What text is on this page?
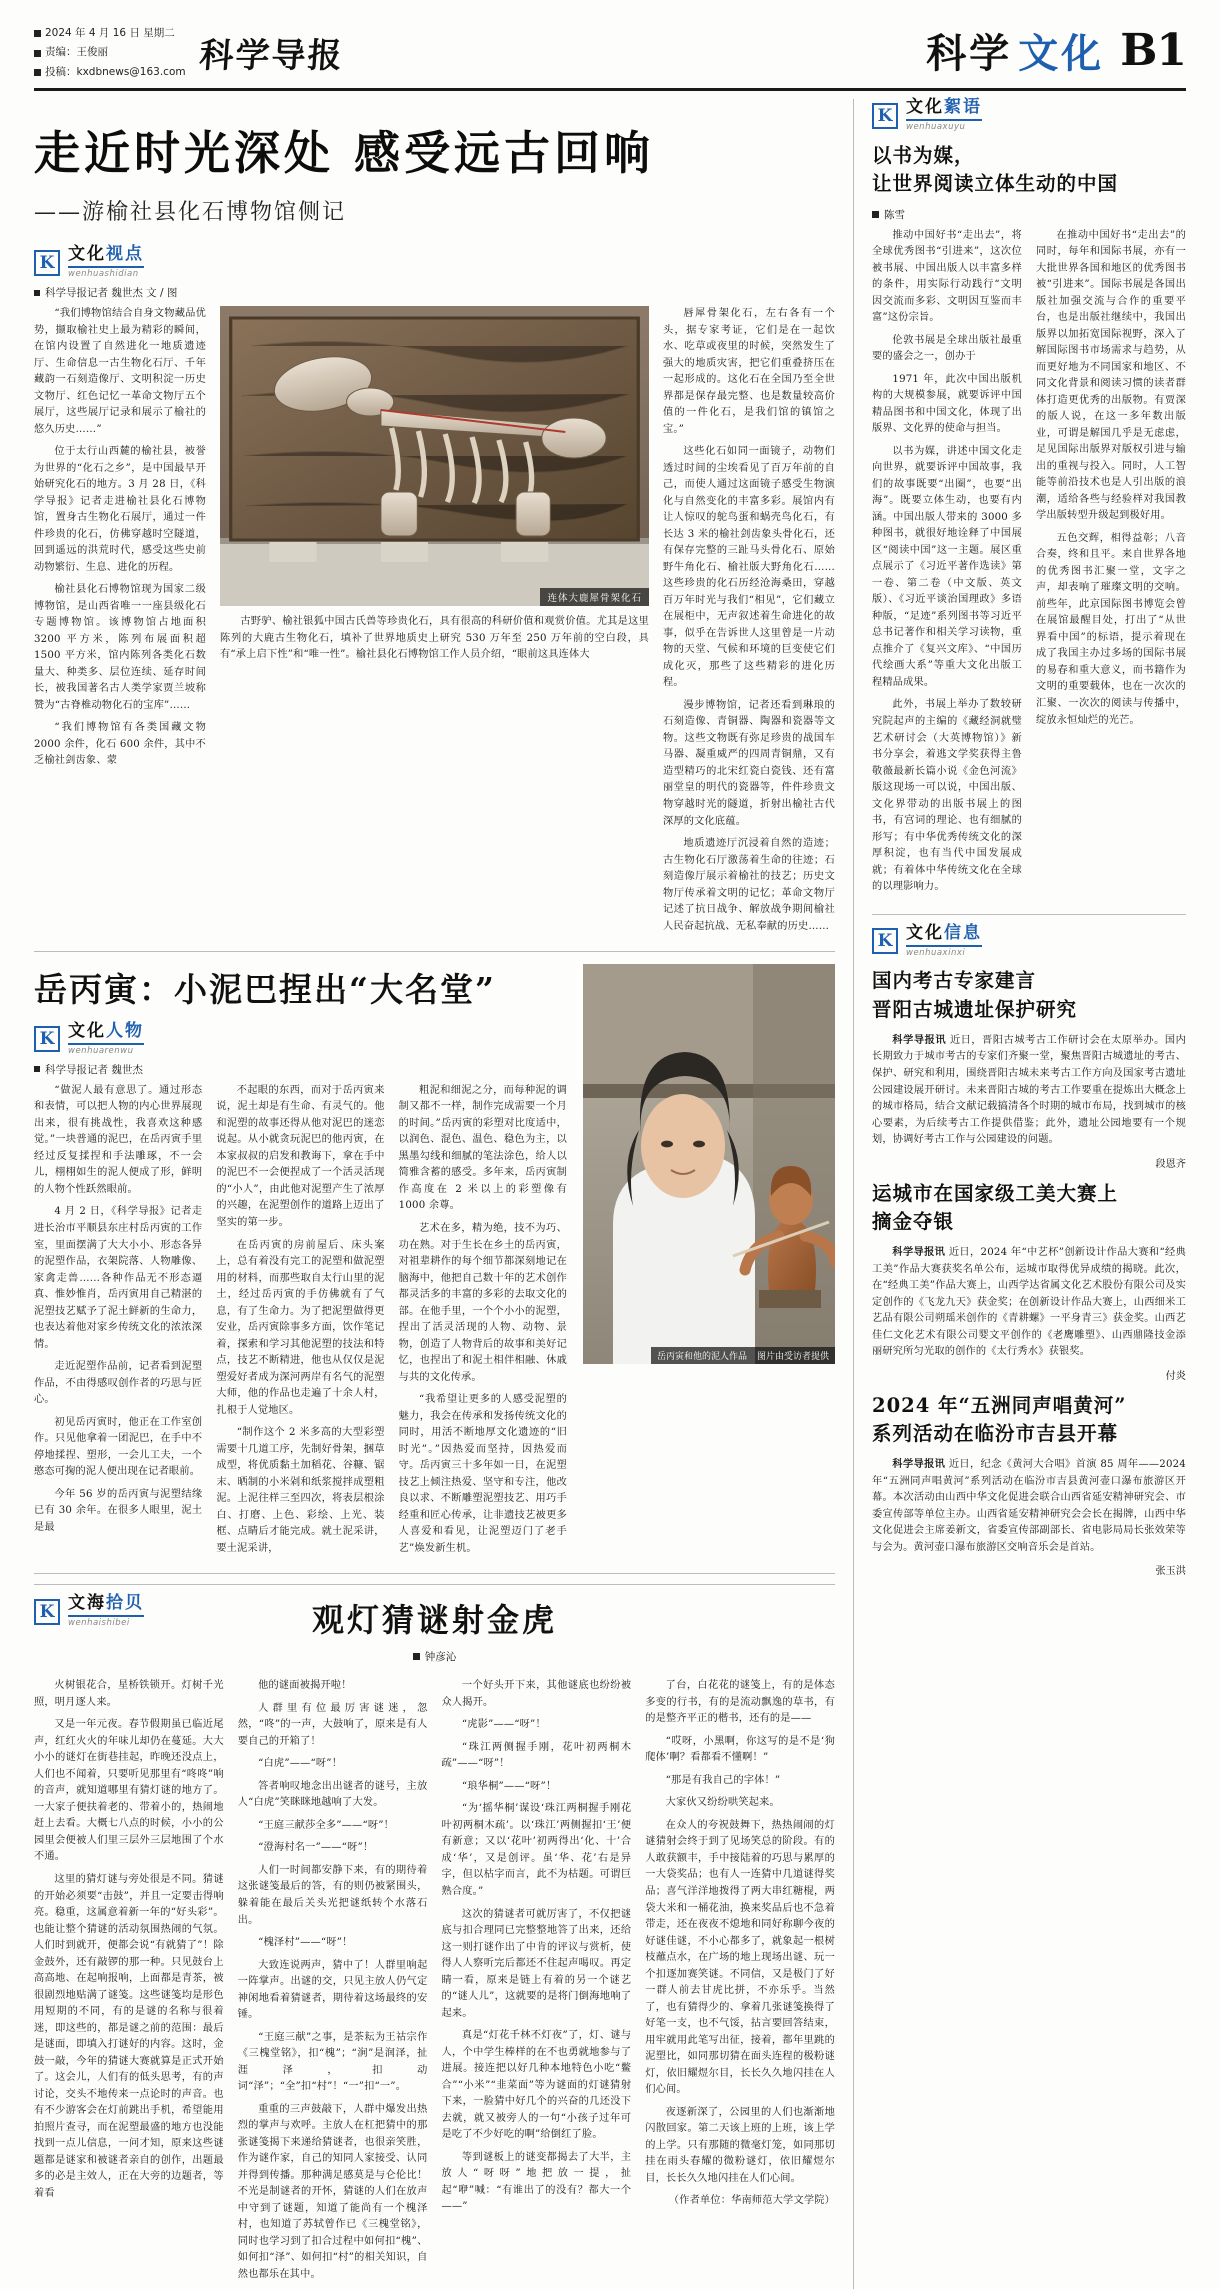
2024 年 4 月 16 日 星期二
责编：王俊丽
投稿：kxdbnews@163.com 科学导报	科学 文化 B1
走近时光深处 感受远古回响
——游榆社县化石博物馆侧记
K 文化视点
wenhuashidian
科学导报记者 魏世杰 文 / 图

“我们博物馆结合自身文物藏品优势，撷取榆社史上最为精彩的瞬间，在馆内设置了自然进化一地质遗迹厅、生命信息一古生物化石厅、千年藏韵一石刻造像厅、文明积淀一历史文物厅、红色记忆一革命文物厅五个展厅，这些展厅记录和展示了榆社的悠久历史……”

位于太行山西麓的榆社县，被誉为世界的“化石之乡”，是中国最早开始研究化石的地方。3 月 28 日，《科学导报》记者走进榆社县化石博物馆，置身古生物化石展厅，通过一件件珍贵的化石，仿佛穿越时空隧道，回到遥远的洪荒时代，感受这些史前动物繁衍、生息、进化的历程。

榆社县化石博物馆现为国家二级博物馆，是山西省唯一一座县级化石专题博物馆。该博物馆占地面积 3200 平方米，陈列布展面积超 1500 平方米，馆内陈列各类化石数量大、种类多、层位连续、延存时间长，被我国著名古人类学家贾兰坡称赞为“古脊椎动物化石的宝库”……

“我们博物馆有各类国藏文物 2000 余件，化石 600 余件，其中不乏榆社剑齿象、蒙

连体大鹿犀骨架化石

古野驴、榆社银狐中国古氏兽等珍贵化石，具有很高的科研价值和观赏价值。尤其是这里陈列的大鹿古生物化石，填补了世界地质史上研究 530 万年至 250 万年前的空白段，具有“承上启下性”和“唯一性”。榆社县化石博物馆工作人员介绍，“眼前这具连体大

唇犀骨架化石，左右各有一个头，据专家考证，它们是在一起饮水、吃草或夜里的时候，突然发生了强大的地质灾害，把它们重叠挤压在一起形成的。这化石在全国乃至全世界都是保存最完整、也是数量较高价值的一件化石，是我们馆的镇馆之宝。”

这些化石如同一面镜子，动物们透过时间的尘埃看见了百万年前的自己，而使人通过这面镜子感受生物演化与自然变化的丰富多彩。展馆内有让人惊叹的鸵鸟蛋和蜗壳鸟化石，有长达 3 米的榆社剑齿象头骨化石，还有保存完整的三趾马头骨化石、原始野牛角化石、榆社版大野角化石……这些珍贵的化石历经沧海桑田，穿越百万年时光与我们“相见”，它们藏立在展柜中，无声叙述着生命进化的故事，似乎在告诉世人这里曾是一片动物的天堂、气候和环境的巨变使它们成化灭，那些了这些精彩的进化历程。

漫步博物馆，记者还看到琳琅的石刻造像、青铜器、陶器和瓷器等文物。这些文物既有弥足珍贵的战国车马器、凝重威严的四周青铜鼎，又有造型精巧的北宋红瓷白瓷钱、还有富丽堂皇的明代的瓷器等，件件珍贵文物穿越时光的隧道，折射出榆社古代深厚的文化底蕴。

地质遗迹厅沉浸着自然的造迹；古生物化石厅激荡着生命的往迹；石刻造像厅展示着榆社的技艺；历史文物厅传承着文明的记忆；革命文物厅记述了抗日战争、解放战争期间榆社人民奋起抗战、无私奉献的历史……

岳丙寅：小泥巴捏出“大名堂”
K 文化人物
wenhuarenwu
科学导报记者 魏世杰

“做泥人最有意思了。通过形态和表情，可以把人物的内心世界展现出来，很有挑战性，我喜欢这种感觉。”一块普通的泥巴，在岳丙寅手里经过反复揉捏和手法雕琢，不一会儿，栩栩如生的泥人便成了形，鲜明的人物个性跃然眼前。

4 月 2 日，《科学导报》记者走进长治市平顺县东庄村岳丙寅的工作室，里面摆满了大大小小、形态各异的泥塑作品，衣架院落、人物雕像、家禽走兽……各种作品无不形态逼真、惟妙惟肖，岳丙寅用自己精湛的泥塑技艺赋予了泥土鲜新的生命力，也表达着他对家乡传统文化的浓浓深情。

走近泥塑作品前，记者看到泥塑作品，不由得感叹创作者的巧思与匠心。

初见岳丙寅时，他正在工作室创作。只见他拿着一团泥巴，在手中不停地揉捏、塑形，一会儿工夫，一个憨态可掬的泥人便出现在记者眼前。

今年 56 岁的岳丙寅与泥塑结缘已有 30 余年。在很多人眼里，泥土是最

不起眼的东西，而对于岳丙寅来说，泥土却是有生命、有灵气的。他和泥塑的故事还得从他对泥巴的迷恋说起。从小就贪玩泥巴的他丙寅，在本家叔叔的启发和教诲下，拿在手中的泥巴不一会便捏成了一个活灵活现的“小人”，由此他对泥塑产生了浓厚的兴趣，在泥塑创作的道路上迈出了坚实的第一步。

在岳丙寅的房前屋后、床头案上，总有着没有完工的泥塑和做泥塑用的材料，而那些取自太行山里的泥土，经过岳丙寅的手仿佛就有了气息，有了生命力。为了把泥塑做得更安业，岳丙寅除事多方面，饮作笔记着，探索和学习其他泥塑的技法和特点，技艺不断精进，他也从仅仅是泥塑爱好者成为深河两岸有名气的泥塑大师，他的作品也走遍了十余人村，扎根于人觉地区。

“制作这个 2 米多高的大型彩塑需要十几道工序，先制好骨架，捆草成型，将优质黏土加稻花、谷糠、锯末、晒制的小米剁和纸浆搅拌成塑粗泥。上泥往样三至四次，将表层根涂白、打磨、上色、彩绘、上光、装框、点睛后才能完成。就土泥采讲，要土泥采讲，

粗泥和细泥之分，而每种泥的调制又都不一样，制作完成需要一个月的时间。”岳丙寅的彩塑对比度适中，以润色、混色、温色、稳色为主，以黑墨勾线和细腻的笔法涂色，给人以简雅含蓄的感受。多年来，岳丙寅制作高度在 2 米以上的彩塑像有 1000 余尊。

艺术在多，精为绝，技不为巧、功在熟。对于生长在乡土的岳丙寅，对祖辈耕作的每个细节都深刻地记在脑海中，他把自己数十年的艺术创作都灵活多的丰富的多彩的去取文化的部。在他手里，一个个小小的泥塑，捏出了活灵活现的人物、动物、景物，创造了人物背后的故事和美好记忆，也捏出了和泥土相伴相融、休戚与共的文化传承。

“我希望让更多的人感受泥塑的魅力，我会在传承和发扬传统文化的同时，用活不断地厚文化遗迹的“旧时光”。”因热爱而坚持，因热爱而守。岳丙寅三十多年如一日，在泥塑技艺上倾注热爱、坚守和专注，他改良以求、不断雕塑泥塑技艺、用巧手经重和匠心传承，让非遗技艺被更多人喜爱和看见，让泥塑迈门了老手艺”焕发新生机。

岳丙寅和他的泥人作品 图片由受访者提供
K 文海拾贝
wenhaishibei	观灯猜谜射金虎
钟彦沁

火树银花合，星桥铁锁开。灯树千光照，明月逐人来。

又是一年元夜。春节假期虽已临近尾声，红红火火的年味儿却仍在蔓延。大大小小的谜灯在街巷挂起，昨晚还没点上，人们也不闻着，只要听见那里有“咚咚”响的音声，就知道哪里有猜灯谜的地方了。一大家子便扶着老的、带着小的，热闹地赶上去看。大概七八点的时候，小小的公园里会便被人们里三层外三层地围了个水不通。

这里的猜灯谜与旁处很是不同。猜谜的开始必须要“击鼓”，并且一定要击得响亮。稳重，这属意着新一年的“好头彩”。也能让整个猜谜的活动氛围热闹的气氛。人们时到就开，便都会说“有就猜了”！除金鼓外，还有敲锣的那一种。只见鼓台上高高地、在起响报响，上面都是青茶，被很剧烈地贴满了谜笺。这些谜笺均是形色用短期的不同，有的是谜的名称与很着迷，即这些的，都是谜之前的范围：最后是谜面，即填入打谜好的内容。这时，金鼓一敲，今年的猜谜大赛就算是正式开始了。这会儿，人们有的低头思考，有的声讨论，交头不地传来一点论时的声音。也有不少游客会在灯前跳出手机，希望能用拍照片查寻，而在泥塑最盛的地方也没能找到一点儿信息，一问才知，原来这些谜题都是谜家和被谜者亲自的创作，出题最多的必是主效人，正在大旁的边题者，等着看

他的谜面被揭开啦！

人群里有位最厉害谜迷，忽然，“咚”的一声，大鼓响了，原来是有人要自己的开箱了！

“白虎”——“呀”！

答者响叹地念出出谜者的谜号，主放人“白虎”笑眯眯地越响了大发。

“王庭三献莎全多”——“呀”！

“澄海村名一”——“呀”！

人们一时间都安静下来，有的期待着这张谜笺最后的答，有的则仍被紧围头，躲着能在最后关头光把谜纸转个水落石出。

“槐泽村”——“呀”！

大致连说两声，猜中了！人群里响起一阵掌声。出谜的交，只见主放人仍气定神闲地看着猜谜者，期待着这场最终的安锤。

“王庭三献”之事，是茶耘为王祜宗作《三槐堂铭》，扣“槐”；“涧”是润泽，扯涯泽，扣动词“泽”；“全”扣“村”！“一”扣“一”。

重重的三声鼓敲下，人群中爆发出热烈的掌声与欢呼。主放人在杠把猜中的那张谜笺揭下来递给猜谜者，也很亲笑胜，作为谜作家，自己的知同人家接受、认同并得到传播。那种满足感莫是与仑伦比！不光是制谜者的开怀，猜谜的人们在放声中守到了谜题，知道了能尚有一个槐泽村，也知道了苏轼曾作已《三槐堂铭》，同时也学习到了扣合过程中如何扣“槐”、如何扣“泽”、如何扣“村”的相关知识，自然也都乐在其中。

一个好头开下来，其他谜底也纷纷被众人揭开。

“虎影”——“呀”！

“珠江两侧握手刚，花叶初两桐木疏”——“呀”！

“琅华桐”——“呀”！

“为‘摇华桐’谋设‘珠江两桐握手刚花叶初两桐木疏’。以‘珠江’两侧握扣‘王’便有新意；又以‘花叶’初两得出‘化、十’合成‘华’，又是创评。虽‘华、花’右是异字，但以枯字而言，此不为枯题。可谓巨熟合度。”

这次的猜谜者可就厉害了，不仅把谜底与扣合理同已完整整地答了出来，还给这一则打谜作出了中肯的评议与赏析，使得人人察听完后都还不住起声喝叹。再定睛一看，原来是链上有着的另一个谜艺的“谜人儿”，这就要的是将门倒海地响了起来。

真是“灯花千林不灯夜”了，灯、谜与人，个中学生棒样的在不也勇就地参与了进展。接连把以好几种本地特色小吃“鳖合”“小米”“韭菜面”等为谜面的灯谜猜射下来，一脸猜中好几个的兴奋的几还没下去就，就又被旁人的一句“小孩子过年可是吃了不少好吃的啊”给倒红了脸。

等到谜板上的谜变都揭去了大半，主放人“呀呀”地把放一提，扯起“咿”喊：“有谁出了的没有？都大一个——”

了台，白花花的谜笺上，有的是体态多变的行书，有的是流动飘逸的草书，有的是整齐平正的楷书，还有的是——

“哎呀，小黑啊，你这写的是不是‘狗爬体’啊？看都看不懂啊！”

“那是有我自己的字体！”

大家伙又纷纷哄笑起来。

在众人的夸祝鼓舞下，热热闹闹的灯谜猜射会终于到了见场笑总的阶段。有的人敢获额丰，手中接陆着的巧思与累厚的一大袋奖品；也有人一连猜中几道谜得奖品；喜气洋洋地拨得了两大串红糖棍，两袋大米和一桶花油，换来奖品后也不急着带走，还在夜夜不熄地和同好称聊今夜的好谜佳谜，不小心都多了，就象起一根树枝蘸点水，在广场的地上现场出谜、玩一个扣逐加赛笑谜。不同信，又是极门了好一群人前去甘虎比拼，不亦乐乎。当然了，也有猜得少的、拿着几张谜笺换得了好笔一支，也不气馁，拈言要回答结束，用牢就用此笔写出征，接着，都年里跳的泥塑比，如同那切猜在面头连程的极粉谜灯，依旧耀煜尔目，长长久久地闪挂在人们心间。

夜逐新深了，公园里的人们也渐渐地闪散回家。第二天该上班的上班，该上学的上学。只有那随的微毫灯笼，如同那切挂在雨头春耀的微粉谜灯，依旧耀煜尔目，长长久久地闪挂在人们心间。

（作者单位：华南师范大学文学院）

K 文化絮语
wenhuaxuyu
以书为媒，
让世界阅读立体生动的中国
陈雪

推动中国好书“走出去”，将全球优秀图书“引进来”，这次位被书展、中国出版人以丰富多样的条件，用实际行动践行“文明因交流而多彩、文明因互鉴而丰富”这份宗旨。

伦敦书展是全球出版社最重要的盛会之一，创办于

1971 年，此次中国出版机构的大规模参展，就要诉评中国精品图书和中国文化，体现了出版界、文化界的使命与担当。

以书为媒，讲述中国文化走向世界，就要诉评中国故事，我们的故事既要“出圈”，也要“出海”。既要立体生动，也要有内涵。中国出版人带来的 3000 多种图书，就很好地诠释了中国展区“阅读中国”这一主题。展区重点展示了《习近平著作选读》第一卷、第二卷（中文版、英文版）、《习近平谈治国理政》多语种版，“足迹”系列图书等习近平总书记著作和相关学习读物，重点推介了《复兴文库》、“中国历代绘画大系”等重大文化出版工程精品成果。

此外，书展上举办了数较研究院起声的主编的《藏经洞就璧艺术研讨会（大英博物馆）》新书分享会，着逃文学奖获得主鲁敬薇最新长篇小说《金色河流》版这现场一可以说，中国出版、文化界带动的出版书展上的图书，有宫词的理论、也有细腻的形写；有中华优秀传统文化的深厚积淀，也有当代中国发展成就；有着体中华传统文化在全球的以理影响力。

在推动中国好书“走出去”的同时，每年和国际书展，亦有一大批世界各国和地区的优秀图书被“引进来”。国际书展是各国出版社加强交流与合作的重要平台，也是出版社继续中，我国出版界以加拓宽国际视野，深入了解国际图书市场需求与趋势，从而更好地为不同国家和地区、不同文化背景和阅读习惯的读者群体打造更优秀的出版物。有贾深的版人说，在这一多年数出版业，可谓是解国几乎是无虑虑，足见国际出版界对版权引进与输出的重视与投入。同时，人工智能等前沿技术也是人引出版的浪潮，适给各些与经验样对我国教学出版转型升级起到极好用。

五色交辉，相得益彰；八音合奏，终和且平。来自世界各地的优秀图书汇聚一堂，文字之声，却表响了璀璨文明的交响。前些年，此京国际图书博览会曾在展馆最醒目处，打出了“从世界看中国”的标语，提示着现在成了我国主办过多场的国际书展的易春和重大意义，而书籍作为文明的重要载体，也在一次次的汇聚、一次次的阅读与传播中，绽放永恒灿烂的光芒。

K 文化信息
wenhuaxinxi
国内考古专家建言
晋阳古城遗址保护研究

科学导报讯 近日，晋阳古城考古工作研讨会在太原举办。国内长期致力于城市考古的专家们齐聚一堂，聚焦晋阳古城遗址的考古、保护、研究和利用，围绕晋阳古城未来考古工作方向及国家考古遗址公园建设展开研讨。未来晋阳古城的考古工作要重在提炼出大概念上的城市格局，结合文献记载搞清各个时期的城市布局，找到城市的核心要素，为后续考古工作提供借鉴；此外，遗址公园地要有一个规划，协调好考古工作与公园建设的问题。

段恩齐
运城市在国家级工美大赛上
摘金夺银

科学导报讯 近日，2024 年“中艺杯”创新设计作品大赛和“经典工美”作品大赛获奖名单公布，运城市取得优异成绩的揭晓。此次，在“经典工美”作品大赛上，山西学达省属文化艺术股份有限公司及实定创作的《飞龙九天》获金奖；在创新设计作品大赛上，山西细米工艺品有限公司朔瑶米创作的《青耕螺》一平身青三》获金奖。山西艺佳仁文化艺术有限公司婴文平创作的《老鹰雕塑》、山西鼎隆技金添丽研究所匀光取的创作的《太行秀水》获银奖。

付炎
2024 年“五洲同声唱黄河”
系列活动在临汾市吉县开幕

科学导报讯 近日，纪念《黄河大合唱》首演 85 周年——2024 年“五洲同声唱黄河”系列活动在临汾市吉县黄河壶口瀑布旅游区开幕。本次活动由山西中华文化促进会联合山西省延安精神研究会、市委宣传部等单位主办。山西省延安精神研究会会长在揭牌，山西中华文化促进会主席姜新文，省委宣传部副部长、省电影局局长张效荣等与会为。黄河壶口瀑布旅游区交响音乐会是首站。

张玉洪
